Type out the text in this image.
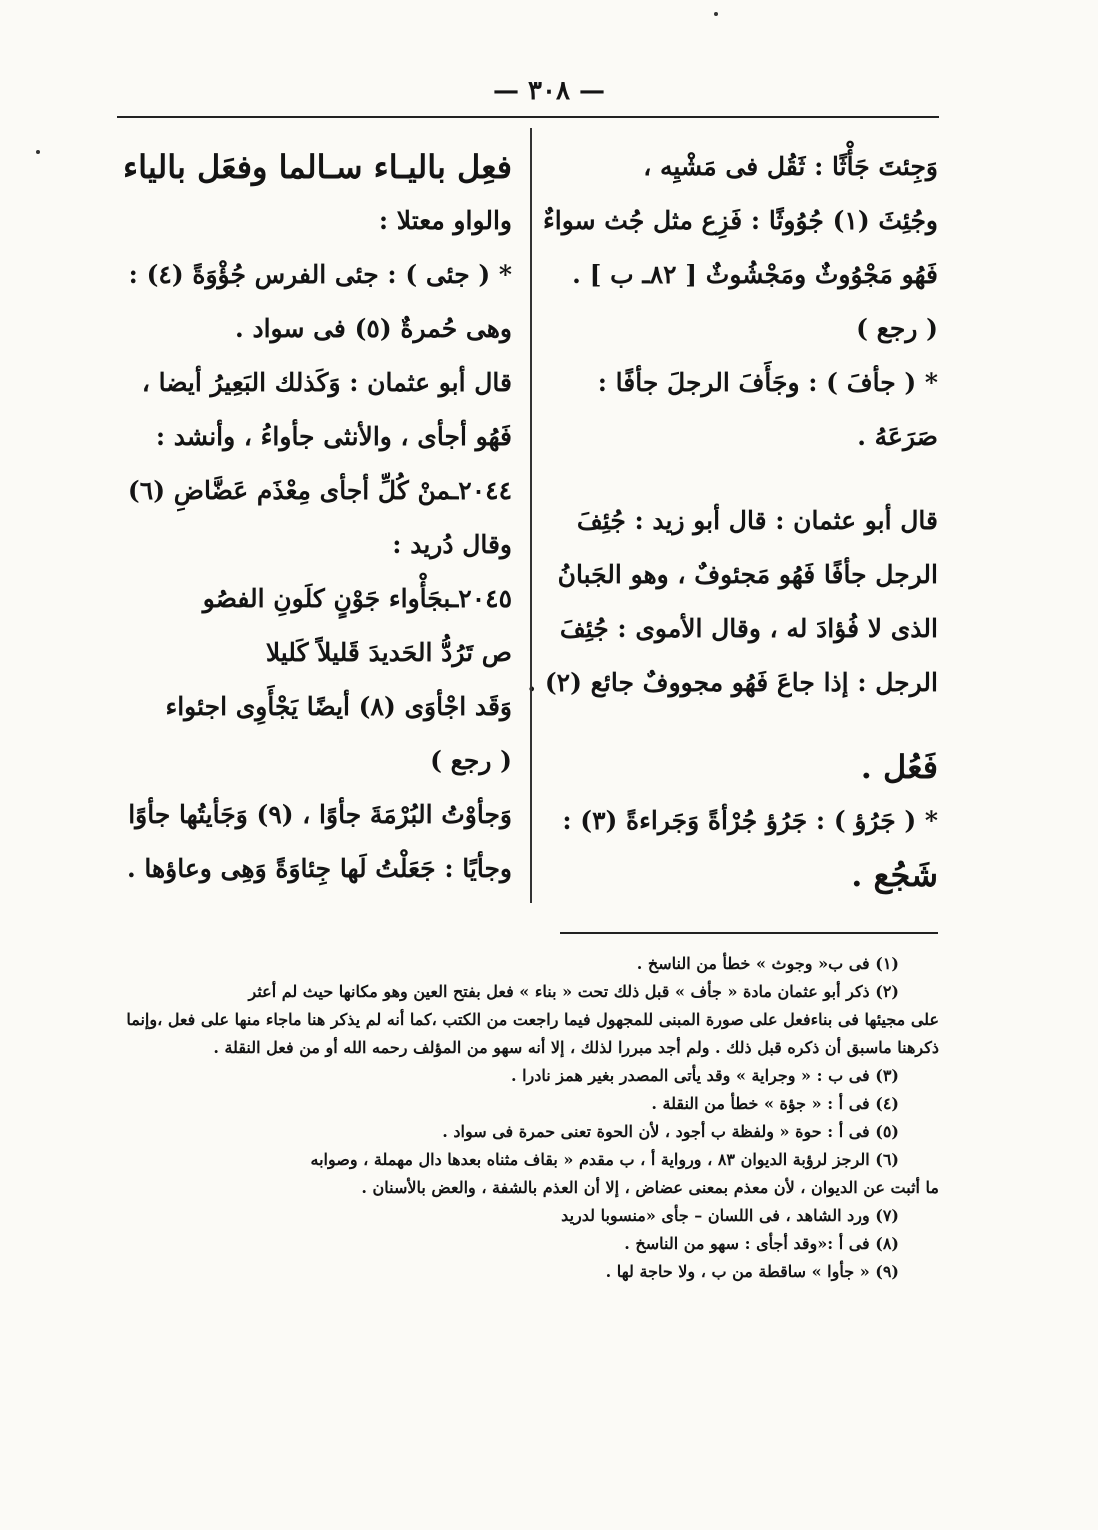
— ٣٠٨ —
وَجِئتَ جَأْثًا : ثَقُل فى مَشْيِه ،
وجُئِثَ (١) جُوُوثًا : فَزِع مثل جُث سواءٌ
فَهُو مَجْوُوثٌ ومَجْشُوثٌ [ ٨٢ـ ب ] .
( رجع )
* ( جأفَ ) : وجَأَفَ الرجلَ جأفًا :
صَرَعَهُ .
قال أبو عثمان : قال أبو زيد : جُئِفَ
الرجل جأفًا فَهُو مَجئوفٌ ، وهو الجَبانُ
الذى لا فُؤادَ له ، وقال الأموى : جُئِفَ
الرجل : إذا جاعَ فَهُو مجووفٌ جائع (٢) .
فَعُل .
* ( جَرُؤ ) : جَرُؤ جُرْأةً وَجَراءةً (٣) :
شَجُع .
فعِل باليـاء سـالما وفعَل بالياء
والواو معتلا :
* ( جئى ) : جئى الفرس جُؤْوَةً (٤) :
وهى حُمرةٌ (٥) فى سواد .
قال أبو عثمان : وَكَذلك البَعِيرُ أيضا ،
فَهُو أجأى ، والأنثى جأواءُ ، وأنشد :
٢٠٤٤ـمنْ كُلِّ أجأى مِعْذَم عَضَّاضِ (٦)
وقال دُريد :
٢٠٤٥ـبجَأْواء جَوْنٍ كلَونِ الفصُو
ص تَرُدُّ الحَديدَ قَليلاً كَليلا
وَقَد اجْأوَى (٨) أيضًا يَجْأَوِى اجئواء
( رجع )
وَجأوْتُ البُرْمَةَ جأوًا ، (٩) وَجَأيتُها جأوًا
وجأيًا : جَعَلْتُ لَها جِئاوَةً وَهِى وعاؤها .
(١) فى ب« وجوث » خطأ من الناسخ .
(٢) ذكر أبو عثمان مادة « جأف » قبل ذلك تحت « بناء » فعل بفتح العين وهو مكانها حيث لم أعثر
على مجيئها فى بناءفعل على صورة المبنى للمجهول فيما راجعت من الكتب ،كما أنه لم يذكر هنا ماجاء منها على فعل ،وإنما
ذكرهنا ماسبق أن ذكره قبل ذلك . ولم أجد مبررا لذلك ، إلا أنه سهو من المؤلف رحمه الله أو من فعل النقلة .
(٣) فى ب : « وجراية » وقد يأتى المصدر بغير همز نادرا .
(٤) فى أ : « جؤة » خطأ من النقلة .
(٥) فى أ : حوة « ولفظة ب أجود ، لأن الحوة تعنى حمرة فى سواد .
(٦) الرجز لرؤبة الديوان ٨٣ ، ورواية أ ، ب مقدم « بقاف مثناه بعدها دال مهملة ، وصوابه
ما أثبت عن الديوان ، لأن معذم بمعنى عضاض ، إلا أن العذم بالشفة ، والعض بالأسنان .
(٧) ورد الشاهد ، فى اللسان – جأى «منسوبا لدريد
(٨) فى أ :«وقد أجأى : سهو من الناسخ .
(٩) « جأوا » ساقطة من ب ، ولا حاجة لها .
